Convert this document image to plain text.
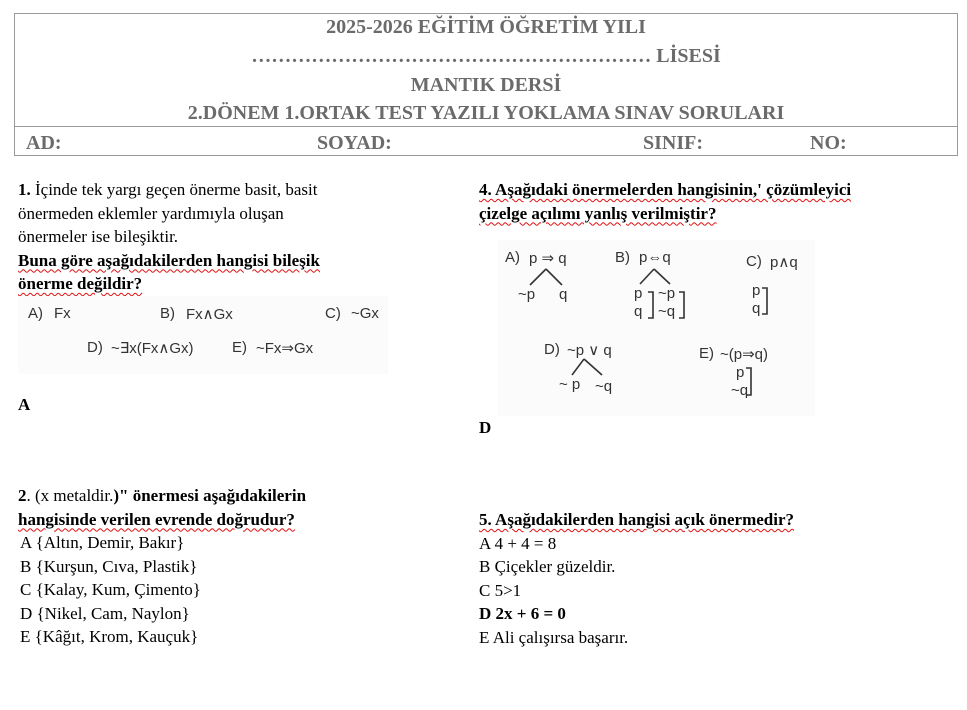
2025-2026 EĞİTİM ÖĞRETİM YILI
…………………………………………………… LİSESİ
MANTIK DERSİ
2.DÖNEM 1.ORTAK TEST YAZILI YOKLAMA SINAV SORULARI
AD:	SOYAD:	SINIF:	NO:
1. İçinde tek yargı geçen önerme basit, basit
önermeden eklemler yardımıyla oluşan
önermeler ise bileşiktir.
Buna göre aşağıdakilerden hangisi bileşik
önerme değildir?
A) Fx	B) Fx∧Gx	C) ~Gx
D) ~∃x(Fx∧Gx)	E) ~Fx⇒Gx
A
2. (x metaldir.)" önermesi aşağıdakilerin
hangisinde verilen evrende doğrudur?
A {Altın, Demir, Bakır}
B {Kurşun, Cıva, Plastik}
C {Kalay, Kum, Çimento}
D {Nikel, Cam, Naylon}
E {Kâğıt, Krom, Kauçuk}
4. Aşağıdaki önermelerden hangisinin,' çözümleyici
çizelge açılımı yanlış verilmiştir?
A) p ⇒ q
~p q
B) p⇔q
p
q
~p
~q
C) p∧q
p
q
D) ~p ∨ q
~ p ~q
E) ~(p⇒q)
p
~q
D
5. Aşağıdakilerden hangisi açık önermedir?
A 4 + 4 = 8
B Çiçekler güzeldir.
C 5>1
D 2x + 6 = 0
E Ali çalışırsa başarır.
